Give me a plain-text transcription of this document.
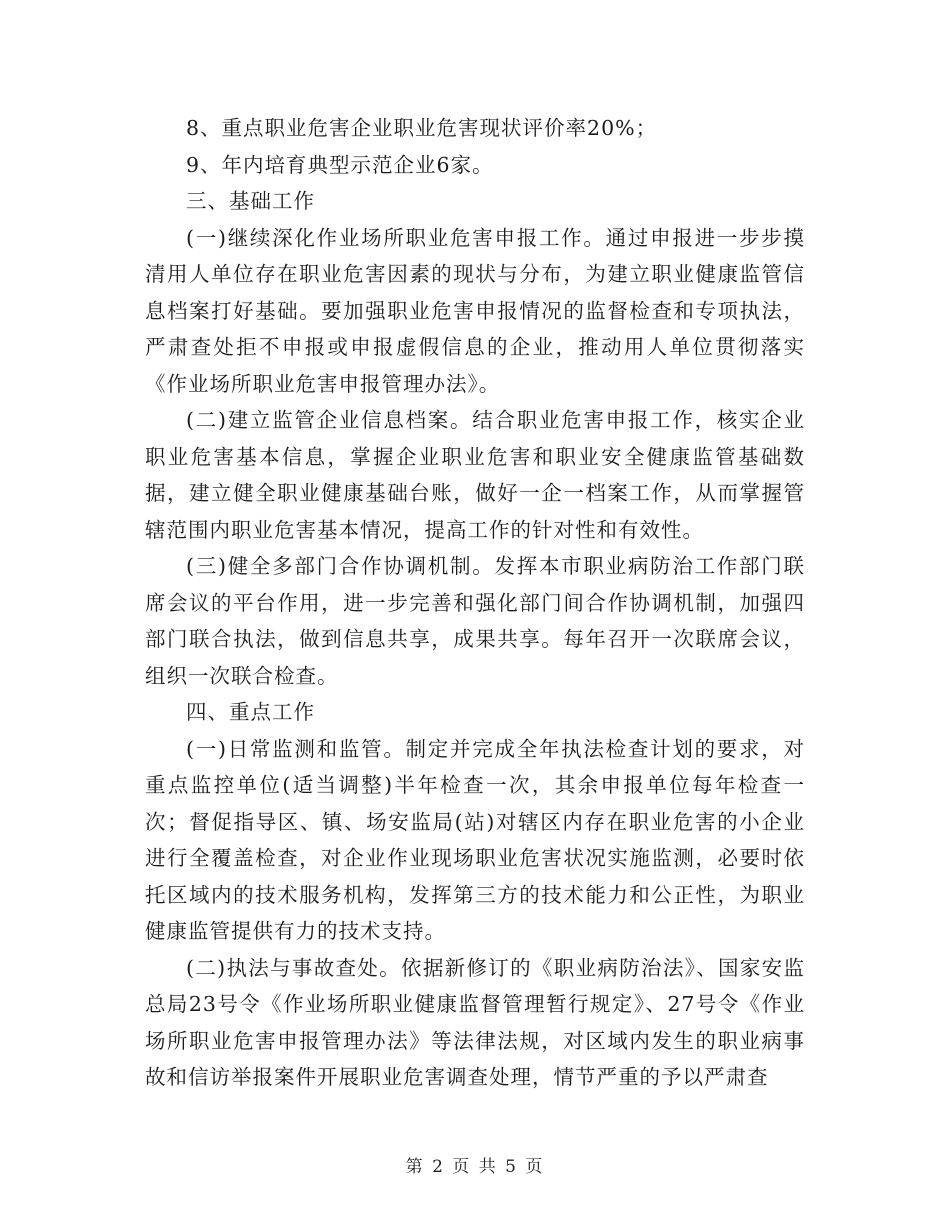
8、重点职业危害企业职业危害现状评价率20%；

9、年内培育典型示范企业6家。

三、基础工作

(一)继续深化作业场所职业危害申报工作。通过申报进一步步摸清用人单位存在职业危害因素的现状与分布，为建立职业健康监管信息档案打好基础。要加强职业危害申报情况的监督检查和专项执法，严肃查处拒不申报或申报虚假信息的企业，推动用人单位贯彻落实《作业场所职业危害申报管理办法》。

(二)建立监管企业信息档案。结合职业危害申报工作，核实企业职业危害基本信息，掌握企业职业危害和职业安全健康监管基础数据，建立健全职业健康基础台账，做好一企一档案工作，从而掌握管辖范围内职业危害基本情况，提高工作的针对性和有效性。

(三)健全多部门合作协调机制。发挥本市职业病防治工作部门联席会议的平台作用，进一步完善和强化部门间合作协调机制，加强四部门联合执法，做到信息共享，成果共享。每年召开一次联席会议，组织一次联合检查。

四、重点工作

(一)日常监测和监管。制定并完成全年执法检查计划的要求，对重点监控单位(适当调整)半年检查一次，其余申报单位每年检查一次；督促指导区、镇、场安监局(站)对辖区内存在职业危害的小企业进行全覆盖检查，对企业作业现场职业危害状况实施监测，必要时依托区域内的技术服务机构，发挥第三方的技术能力和公正性，为职业健康监管提供有力的技术支持。

(二)执法与事故查处。依据新修订的《职业病防治法》、国家安监总局23号令《作业场所职业健康监督管理暂行规定》、27号令《作业场所职业危害申报管理办法》等法律法规，对区域内发生的职业病事故和信访举报案件开展职业危害调查处理，情节严重的予以严肃查

第 2 页 共 5 页
